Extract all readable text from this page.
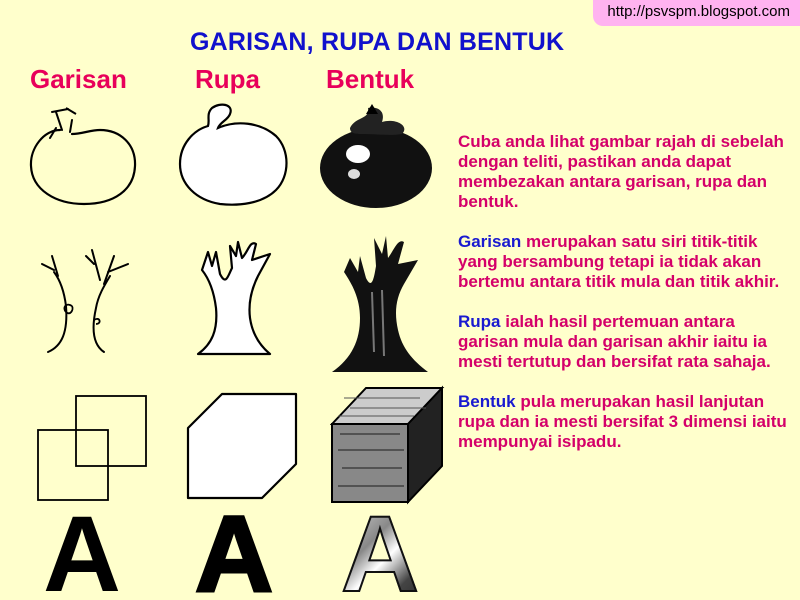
http://psvspm.blogspot.com
GARISAN, RUPA DAN BENTUK
Garisan	Rupa	Bentuk
A A A

Cuba anda lihat gambar rajah di sebelah dengan teliti, pastikan anda dapat membezakan antara garisan, rupa dan bentuk.

Garisan merupakan satu siri titik-titik yang bersambung tetapi ia tidak akan bertemu antara titik mula dan titik akhir.

Rupa ialah hasil pertemuan antara garisan mula dan garisan akhir iaitu ia mesti tertutup dan bersifat rata sahaja.

Bentuk pula merupakan hasil lanjutan rupa dan ia mesti bersifat 3 dimensi iaitu mempunyai isipadu.
